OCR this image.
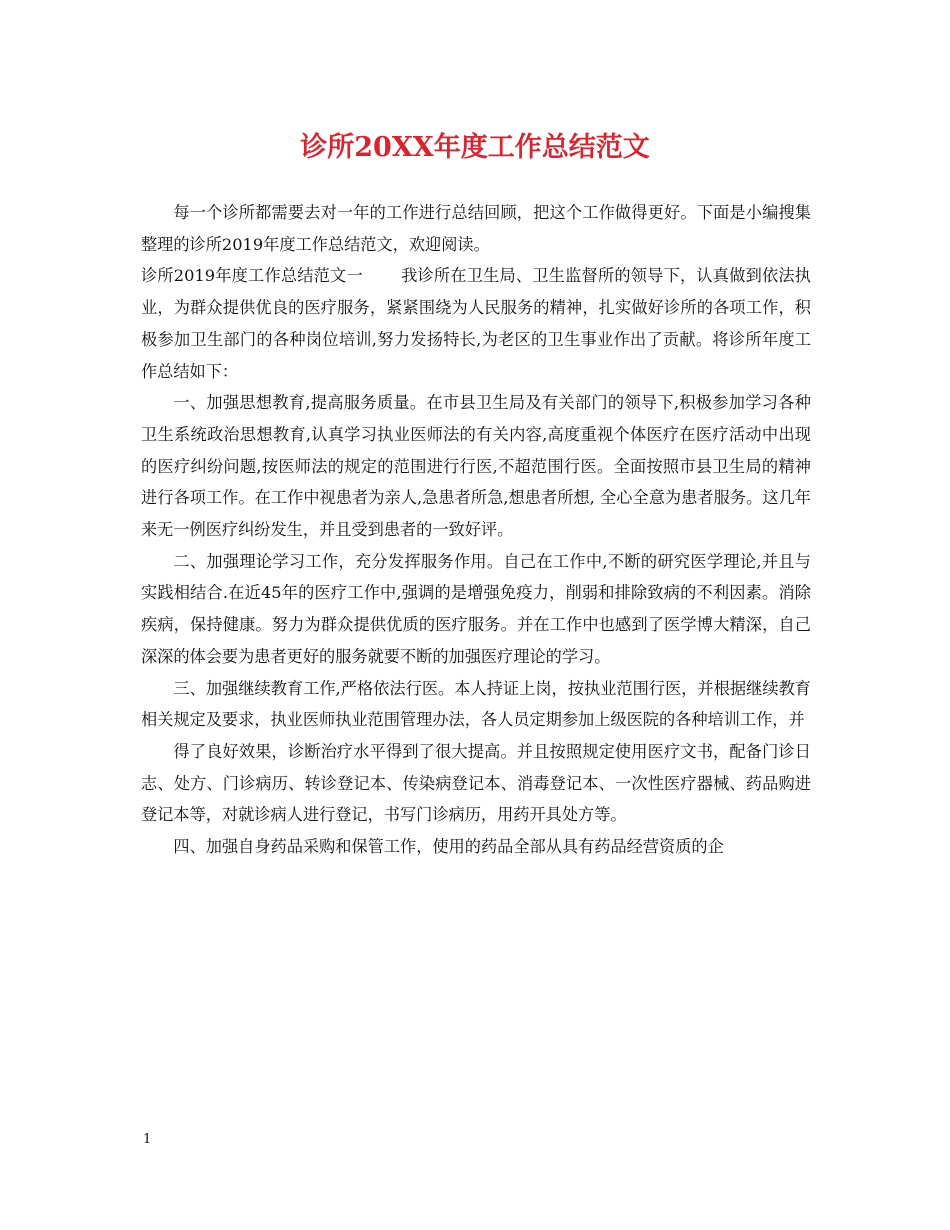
诊所20XX年度工作总结范文

每一个诊所都需要去对一年的工作进行总结回顾，把这个工作做得更好。下面是小编搜集整理的诊所2019年度工作总结范文，欢迎阅读。

诊所2019年度工作总结范文一 我诊所在卫生局、卫生监督所的领导下，认真做到依法执业，为群众提供优良的医疗服务，紧紧围绕为人民服务的精神，扎实做好诊所的各项工作，积极参加卫生部门的各种岗位培训,努力发扬特长,为老区的卫生事业作出了贡献。将诊所年度工作总结如下：

一、加强思想教育,提高服务质量。在市县卫生局及有关部门的领导下,积极参加学习各种卫生系统政治思想教育,认真学习执业医师法的有关内容,高度重视个体医疗在医疗活动中出现的医疗纠纷问题,按医师法的规定的范围进行行医,不超范围行医。全面按照市县卫生局的精神进行各项工作。在工作中视患者为亲人,急患者所急,想患者所想, 全心全意为患者服务。这几年来无一例医疗纠纷发生，并且受到患者的一致好评。

二、加强理论学习工作，充分发挥服务作用。自己在工作中,不断的研究医学理论,并且与实践相结合.在近45年的医疗工作中,强调的是增强免疫力，削弱和排除致病的不利因素。消除疾病，保持健康。努力为群众提供优质的医疗服务。并在工作中也感到了医学博大精深，自己深深的体会要为患者更好的服务就要不断的加强医疗理论的学习。

三、加强继续教育工作,严格依法行医。本人持证上岗，按执业范围行医，并根据继续教育相关规定及要求，执业医师执业范围管理办法，各人员定期参加上级医院的各种培训工作，并

得了良好效果，诊断治疗水平得到了很大提高。并且按照规定使用医疗文书，配备门诊日志、处方、门诊病历、转诊登记本、传染病登记本、消毒登记本、一次性医疗器械、药品购进登记本等，对就诊病人进行登记，书写门诊病历，用药开具处方等。

四、加强自身药品采购和保管工作，使用的药品全部从具有药品经营资质的企

1
